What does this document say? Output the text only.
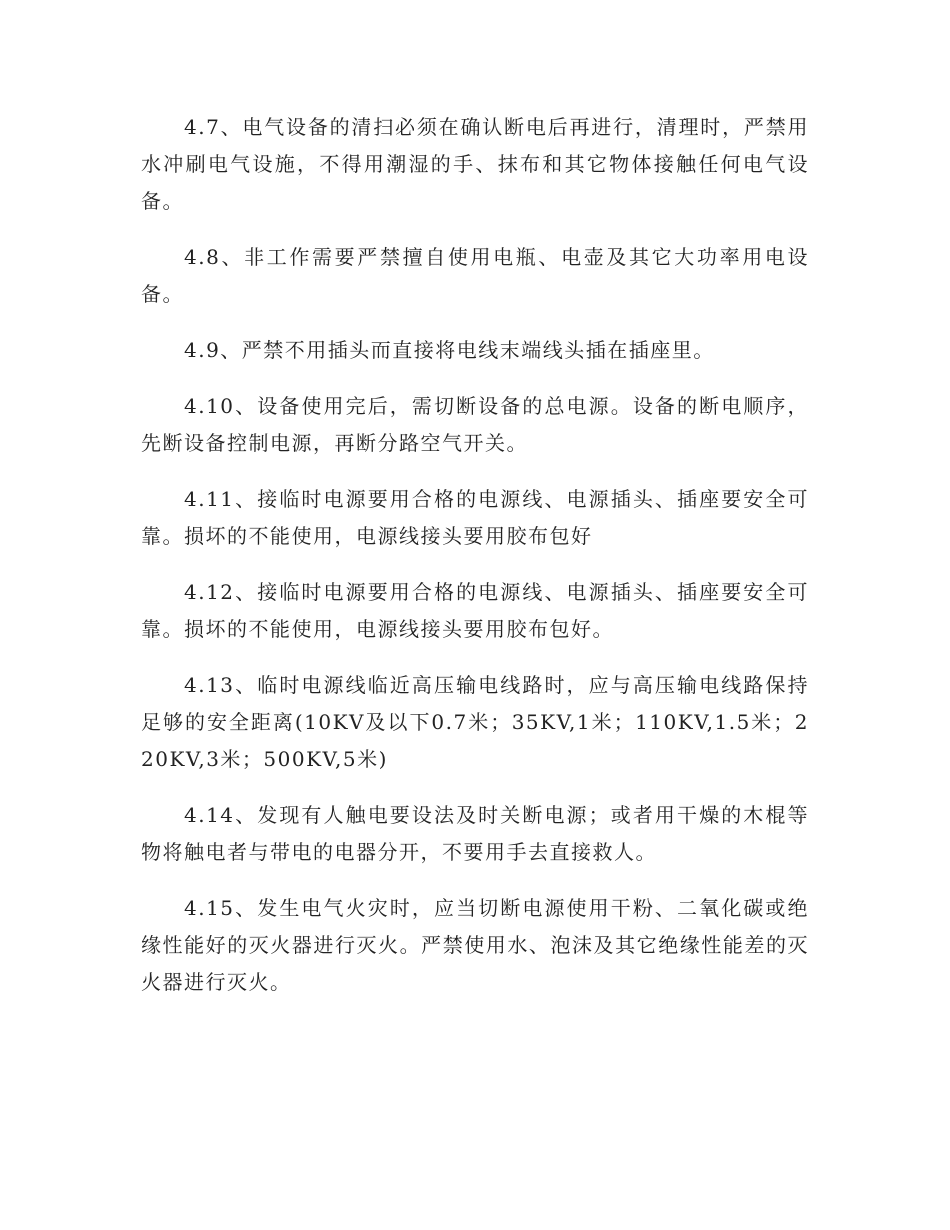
4.7、电气设备的清扫必须在确认断电后再进行，清理时，严禁用水冲刷电气设施，不得用潮湿的手、抹布和其它物体接触任何电气设备。

4.8、非工作需要严禁擅自使用电瓶、电壶及其它大功率用电设备。

4.9、严禁不用插头而直接将电线末端线头插在插座里。

4.10、设备使用完后，需切断设备的总电源。设备的断电顺序，先断设备控制电源，再断分路空气开关。

4.11、接临时电源要用合格的电源线、电源插头、插座要安全可靠。损坏的不能使用，电源线接头要用胶布包好

4.12、接临时电源要用合格的电源线、电源插头、插座要安全可靠。损坏的不能使用，电源线接头要用胶布包好。

4.13、临时电源线临近高压输电线路时，应与高压输电线路保持足够的安全距离(10KV及以下0.7米；35KV,1米；110KV,1.5米；220KV,3米；500KV,5米)

4.14、发现有人触电要设法及时关断电源；或者用干燥的木棍等物将触电者与带电的电器分开，不要用手去直接救人。

4.15、发生电气火灾时，应当切断电源使用干粉、二氧化碳或绝缘性能好的灭火器进行灭火。严禁使用水、泡沫及其它绝缘性能差的灭火器进行灭火。
